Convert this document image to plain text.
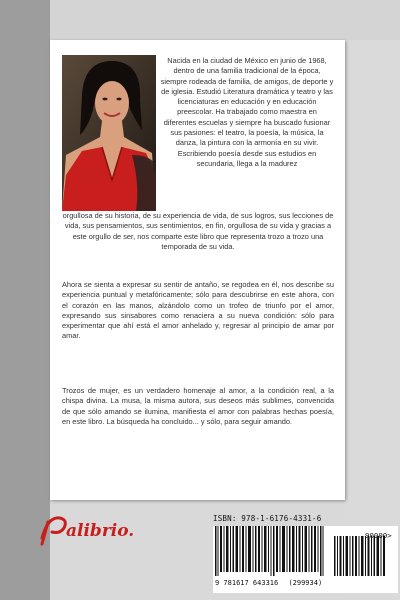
Nacida en la ciudad de México en junio de 1968, dentro de una familia tradicional de la época, siempre rodeada de familia, de amigos, de deporte y de iglesia. Estudió Literatura dramática y teatro y las licenciaturas en educación y en educación preescolar. Ha trabajado como maestra en diferentes escuelas y siempre ha buscado fusionar sus pasiones: el teatro, la poesía, la música, la danza, la pintura con la armonía en su vivir. Escribiendo poesía desde sus estudios en secundaria, llega a la madurez

orgullosa de su historia, de su experiencia de vida, de sus logros, sus lecciones de vida, sus pensamientos, sus sentimientos, en fin, orgullosa de su vida y gracias a este orgullo de ser, nos comparte este libro que representa trozo a trozo una temporada de su vida.

Ahora se sienta a expresar su sentir de antaño, se regodea en él, nos describe su experiencia puntual y metafóricamente; sólo para descubrirse en este ahora, con el corazón en las manos, alzándolo como un trofeo de triunfo por el amor, expresando sus sinsabores como renaciera a su nueva condición: sólo para experimentar que ahí está el amor anhelado y, regresar al principio de amar por amar.

Trozos de mujer, es un verdadero homenaje al amor, a la condición real, a la chispa divina. La musa, la misma autora, sus deseos más sublimes, convencida de que sólo amando se ilumina, manifiesta el amor con palabras hechas poesía, en este libro. La búsqueda ha concluido... y sólo, para seguir amando.

alibrio.
ISBN: 978-1-6176-4331-6
90000>
9 781617 643316 (299934)
